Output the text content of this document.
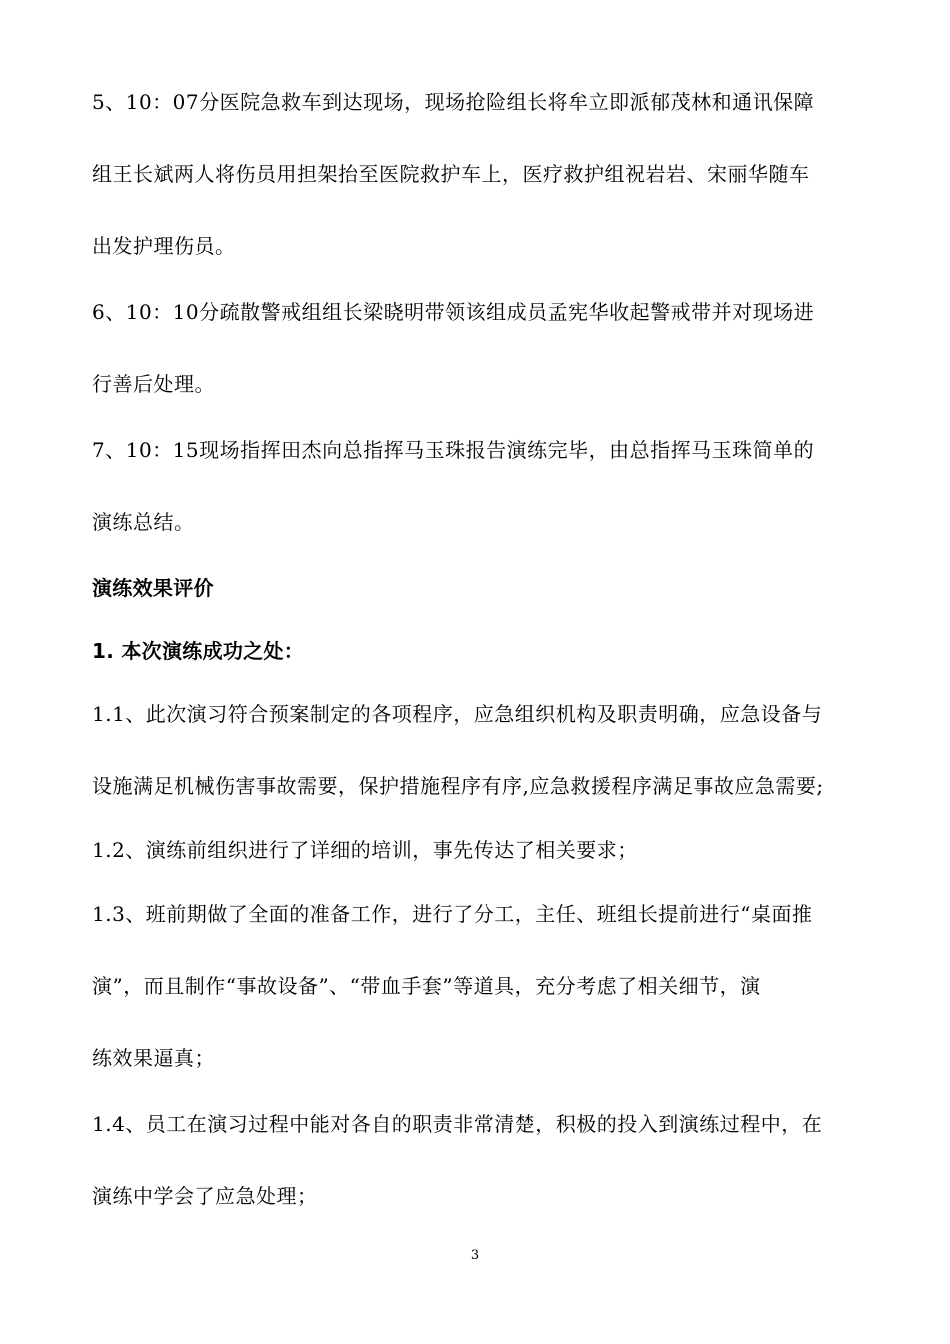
5、10：07分医院急救车到达现场，现场抢险组长将牟立即派郁茂林和通讯保障
组王长斌两人将伤员用担架抬至医院救护车上，医疗救护组祝岩岩、宋丽华随车
出发护理伤员。
6、10：10分疏散警戒组组长梁晓明带领该组成员孟宪华收起警戒带并对现场进
行善后处理。
7、10：15现场指挥田杰向总指挥马玉珠报告演练完毕，由总指挥马玉珠简单的
演练总结。
演练效果评价
1. 本次演练成功之处：
1.1、此次演习符合预案制定的各项程序，应急组织机构及职责明确，应急设备与
设施满足机械伤害事故需要，保护措施程序有序,应急救援程序满足事故应急需要;
1.2、演练前组织进行了详细的培训，事先传达了相关要求；
1.3、班前期做了全面的准备工作，进行了分工，主任、班组长提前进行“桌面推
演”，而且制作“事故设备”、“带血手套”等道具，充分考虑了相关细节，演
练效果逼真；
1.4、员工在演习过程中能对各自的职责非常清楚，积极的投入到演练过程中，在
演练中学会了应急处理；
3
